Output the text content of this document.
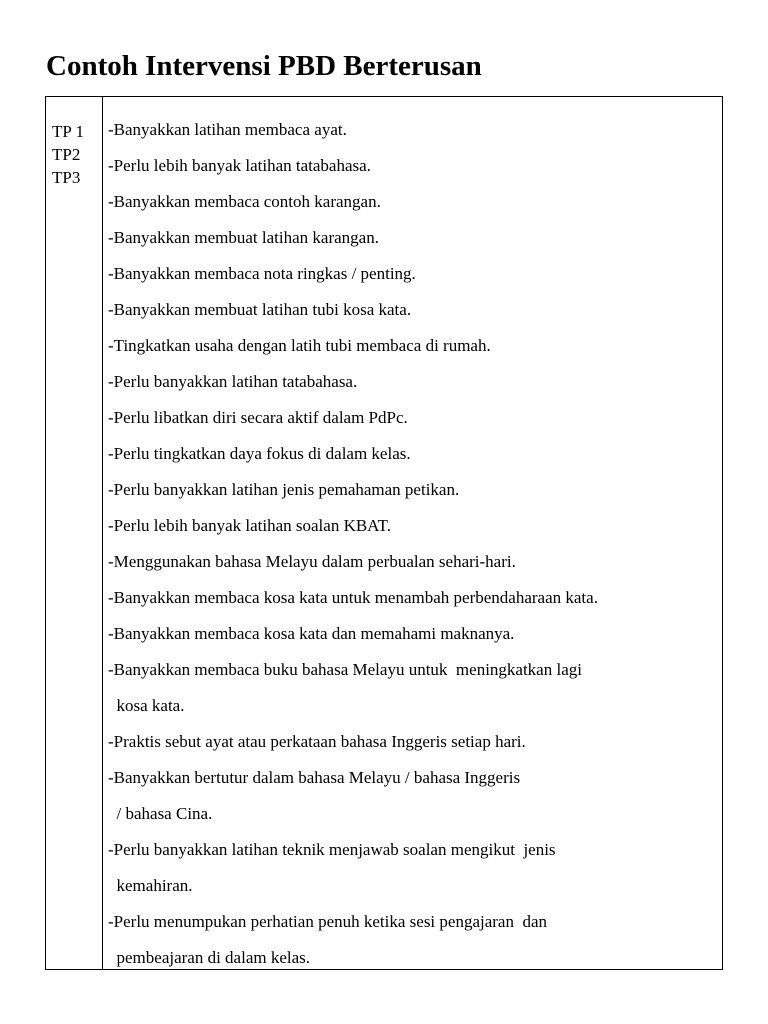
Contoh Intervensi PBD Berterusan
TP 1
TP2
TP3
-Banyakkan latihan membaca ayat.
-Perlu lebih banyak latihan tatabahasa.
-Banyakkan membaca contoh karangan.
-Banyakkan membuat latihan karangan.
-Banyakkan membaca nota ringkas / penting.
-Banyakkan membuat latihan tubi kosa kata.
-Tingkatkan usaha dengan latih tubi membaca di rumah.
-Perlu banyakkan latihan tatabahasa.
-Perlu libatkan diri secara aktif dalam PdPc.
-Perlu tingkatkan daya fokus di dalam kelas.
-Perlu banyakkan latihan jenis pemahaman petikan.
-Perlu lebih banyak latihan soalan KBAT.
-Menggunakan bahasa Melayu dalam perbualan sehari-hari.
-Banyakkan membaca kosa kata untuk menambah perbendaharaan kata.
-Banyakkan membaca kosa kata dan memahami maknanya.
-Banyakkan membaca buku bahasa Melayu untuk  meningkatkan lagi
kosa kata.
-Praktis sebut ayat atau perkataan bahasa Inggeris setiap hari.
-Banyakkan bertutur dalam bahasa Melayu / bahasa Inggeris
/ bahasa Cina.
-Perlu banyakkan latihan teknik menjawab soalan mengikut  jenis
kemahiran.
-Perlu menumpukan perhatian penuh ketika sesi pengajaran  dan
pembeajaran di dalam kelas.
